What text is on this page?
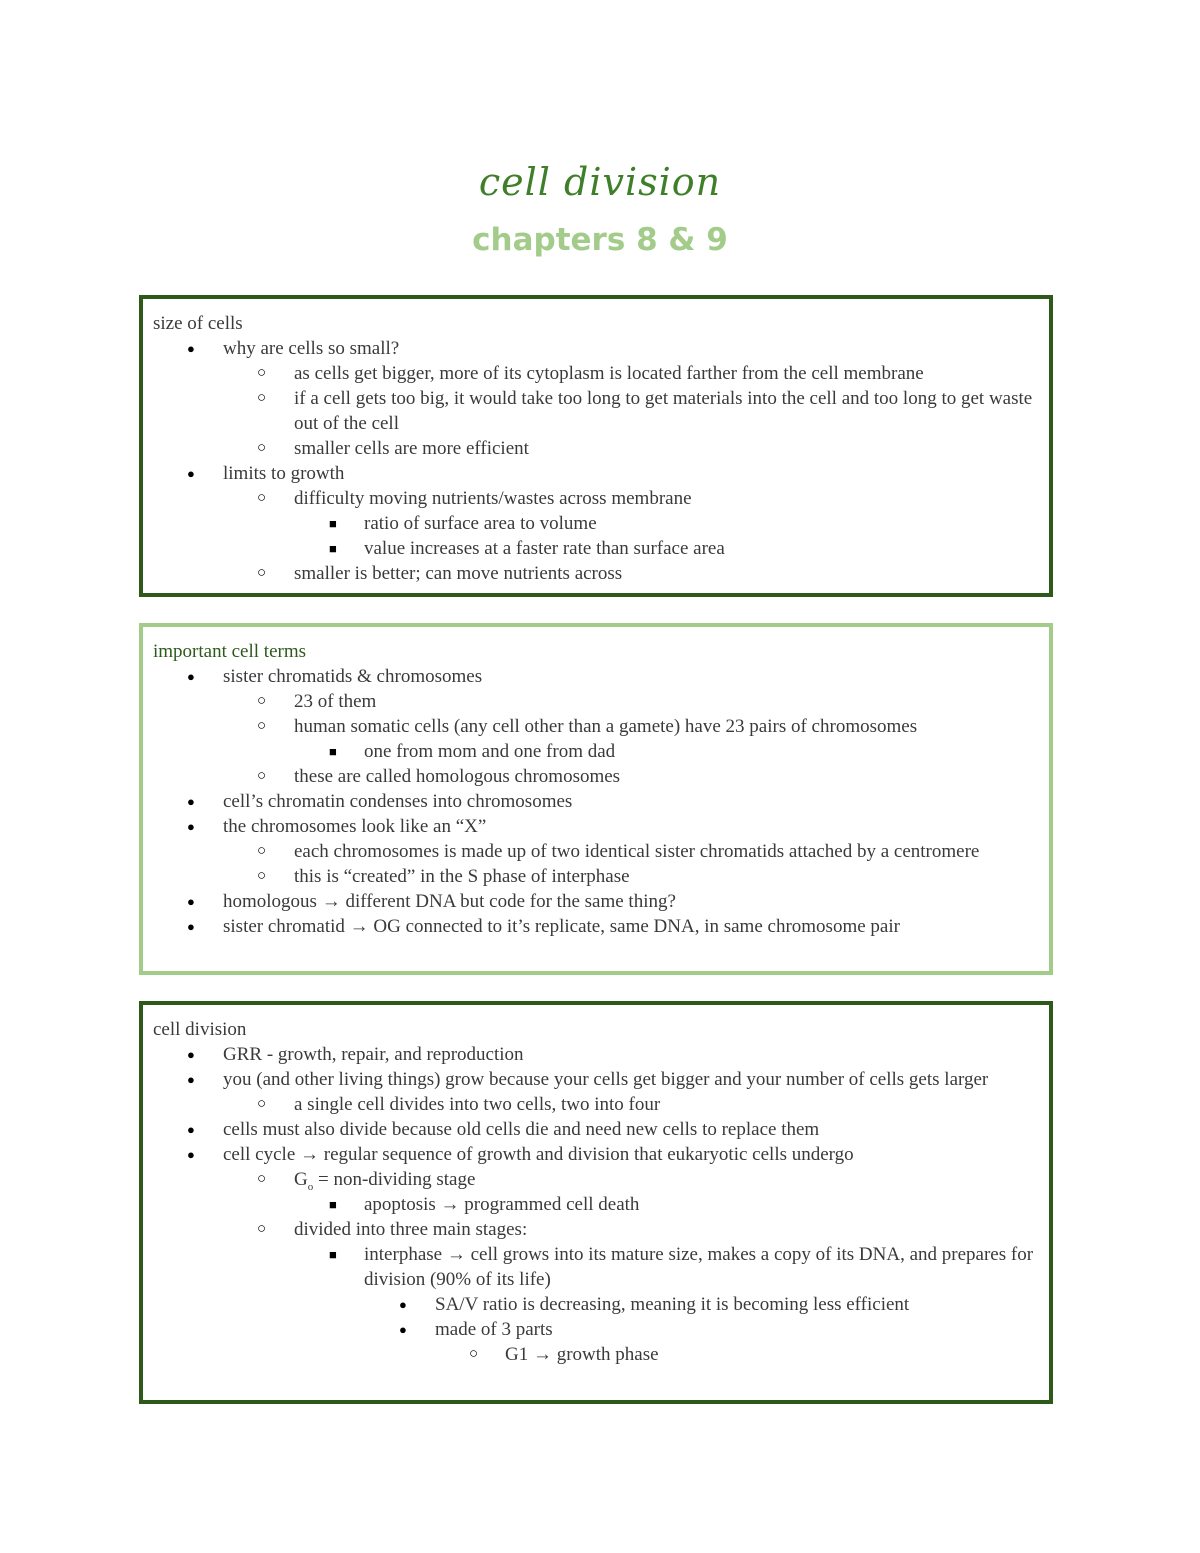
cell division
chapters 8 & 9
size of cells
● why are cells so small?
○ as cells get bigger, more of its cytoplasm is located farther from the cell membrane
○ if a cell gets too big, it would take too long to get materials into the cell and too long to get waste out of the cell
○ smaller cells are more efficient
● limits to growth
○ difficulty moving nutrients/wastes across membrane
■ ratio of surface area to volume
■ value increases at a faster rate than surface area
○ smaller is better; can move nutrients across
important cell terms
● sister chromatids & chromosomes
○ 23 of them
○ human somatic cells (any cell other than a gamete) have 23 pairs of chromosomes
■ one from mom and one from dad
○ these are called homologous chromosomes
● cell’s chromatin condenses into chromosomes
● the chromosomes look like an “X”
○ each chromosomes is made up of two identical sister chromatids attached by a centromere
○ this is “created” in the S phase of interphase
● homologous → different DNA but code for the same thing?
● sister chromatid → OG connected to it’s replicate, same DNA, in same chromosome pair
cell division
● GRR - growth, repair, and reproduction
● you (and other living things) grow because your cells get bigger and your number of cells gets larger
○ a single cell divides into two cells, two into four
● cells must also divide because old cells die and need new cells to replace them
● cell cycle → regular sequence of growth and division that eukaryotic cells undergo
○ $G_o$ = non-dividing stage
■ apoptosis → programmed cell death
○ divided into three main stages:
■ interphase → cell grows into its mature size, makes a copy of its DNA, and prepares for division (90% of its life)
● SA/V ratio is decreasing, meaning it is becoming less efficient
● made of 3 parts
○ G1 → growth phase
